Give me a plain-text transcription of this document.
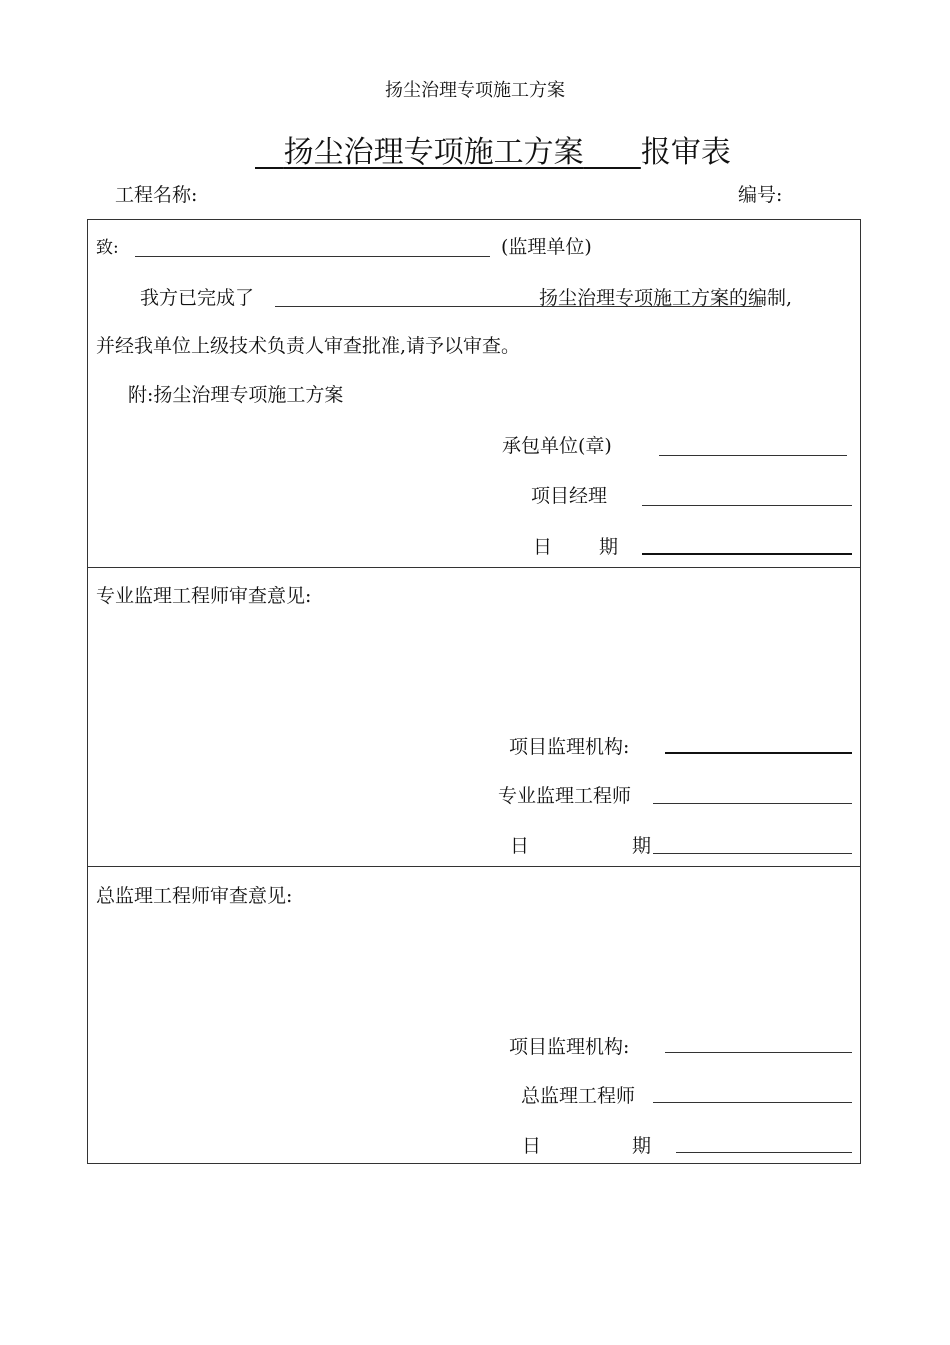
扬尘治理专项施工方案
扬尘治理专项施工方案 报审表
工程名称:	编号:
致:	(监理单位)
我方已完成了	扬尘治理专项施工方案的编制,
并经我单位上级技术负责人审查批准,请予以审查。
附:扬尘治理专项施工方案
承包单位(章)
项目经理
日 期
专业监理工程师审查意见:
项目监理机构:
专业监理工程师
日	期
总监理工程师审查意见:
项目监理机构:
总监理工程师
日	期
